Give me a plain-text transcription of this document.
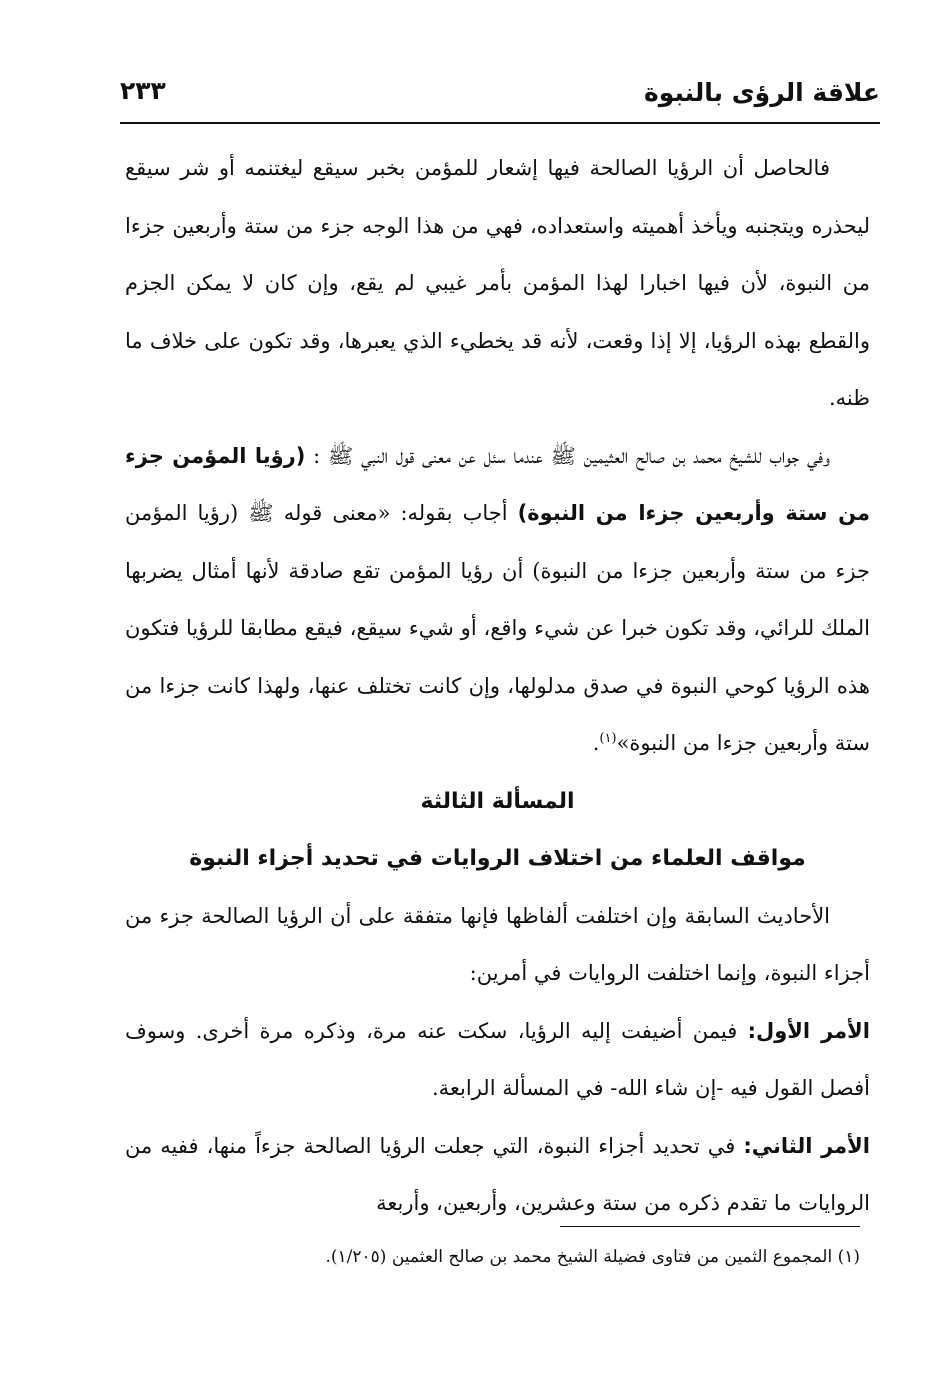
علاقة الرؤى بالنبوة
٢٣٣

فالحاصل أن الرؤيا الصالحة فيها إشعار للمؤمن بخبر سيقع ليغتنمه أو شر سيقع ليحذره ويتجنبه ويأخذ أهميته واستعداده، فهي من هذا الوجه جزء من ستة وأربعين جزءا من النبوة، لأن فيها اخبارا لهذا المؤمن بأمر غيبي لم يقع، وإن كان لا يمكن الجزم والقطع بهذه الرؤيا، إلا إذا وقعت، لأنه قد يخطيء الذي يعبرها، وقد تكون على خلاف ما ظنه.

وفي جواب للشيخ محمد بن صالح العثيمين ﷺ عندما سئل عن معنى قول النبي ﷺ : (رؤيا المؤمن جزء من ستة وأربعين جزءا من النبوة) أجاب بقوله: «معنى قوله ﷺ (رؤيا المؤمن جزء من ستة وأربعين جزءا من النبوة) أن رؤيا المؤمن تقع صادقة لأنها أمثال يضربها الملك للرائي، وقد تكون خبرا عن شيء واقع، أو شيء سيقع، فيقع مطابقا للرؤيا فتكون هذه الرؤيا كوحي النبوة في صدق مدلولها، وإن كانت تختلف عنها، ولهذا كانت جزءا من ستة وأربعين جزءا من النبوة»$^{(١)}$.

المسألة الثالثة

مواقف العلماء من اختلاف الروايات في تحديد أجزاء النبوة

الأحاديث السابقة وإن اختلفت ألفاظها فإنها متفقة على أن الرؤيا الصالحة جزء من أجزاء النبوة، وإنما اختلفت الروايات في أمرين:

الأمر الأول: فيمن أضيفت إليه الرؤيا، سكت عنه مرة، وذكره مرة أخرى. وسوف أفصل القول فيه -إن شاء الله- في المسألة الرابعة.

الأمر الثاني: في تحديد أجزاء النبوة، التي جعلت الرؤيا الصالحة جزءاً منها، ففيه من الروايات ما تقدم ذكره من ستة وعشرين، وأربعين، وأربعة

(١) المجموع الثمين من فتاوى فضيلة الشيخ محمد بن صالح العثمين (١/٢٠٥).
